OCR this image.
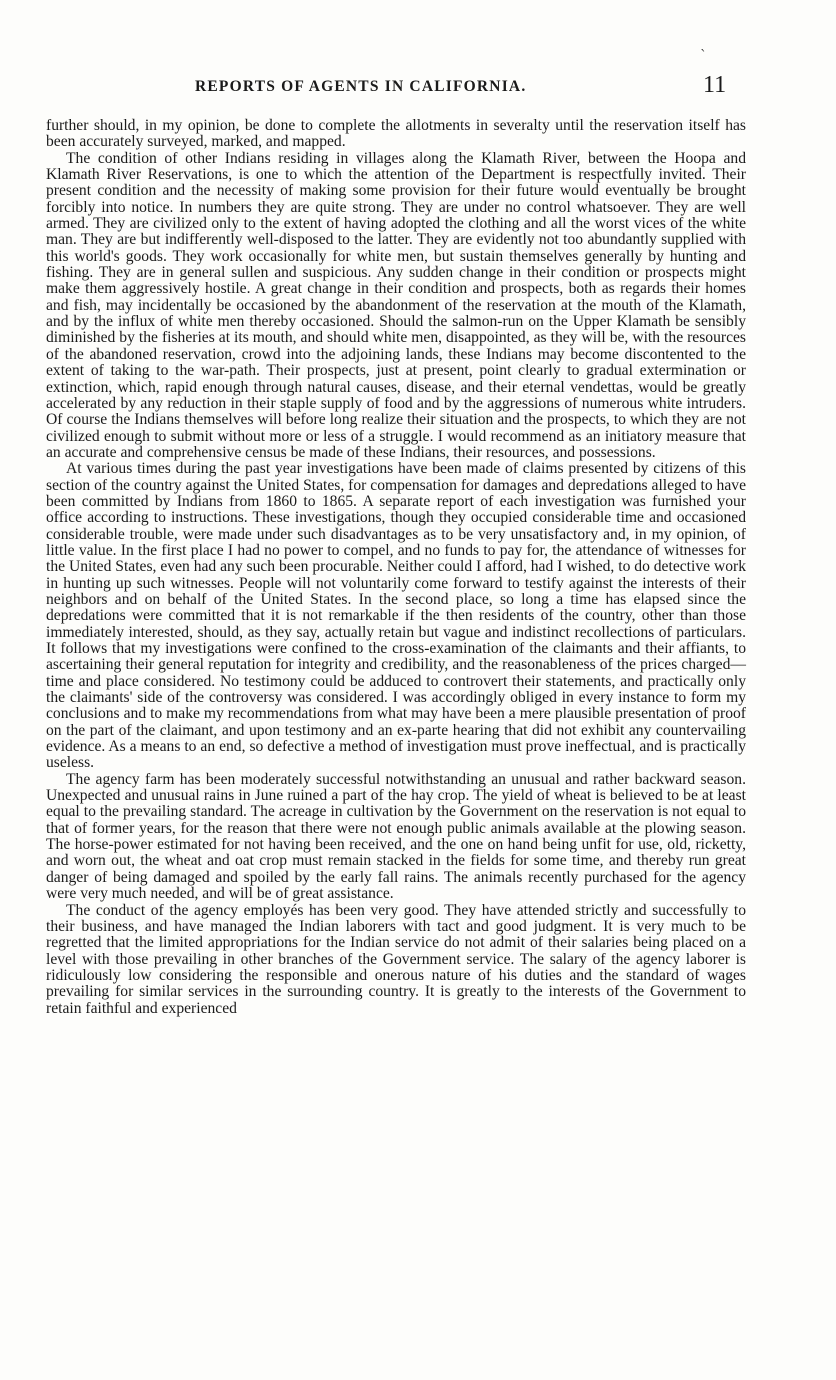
`
REPORTS OF AGENTS IN CALIFORNIA.	11

further should, in my opinion, be done to complete the allotments in severalty until the reservation itself has been accurately surveyed, marked, and mapped.

The condition of other Indians residing in villages along the Klamath River, between the Hoopa and Klamath River Reservations, is one to which the attention of the Department is respectfully invited. Their present condition and the necessity of making some provision for their future would eventually be brought forcibly into notice. In numbers they are quite strong. They are under no control whatsoever. They are well armed. They are civilized only to the extent of having adopted the clothing and all the worst vices of the white man. They are but indifferently well-disposed to the latter. They are evidently not too abundantly supplied with this world's goods. They work occasionally for white men, but sustain themselves generally by hunting and fishing. They are in general sullen and suspicious. Any sudden change in their condition or prospects might make them aggressively hostile. A great change in their condition and prospects, both as regards their homes and fish, may incidentally be occasioned by the abandonment of the reservation at the mouth of the Klamath, and by the influx of white men thereby occasioned. Should the salmon-run on the Upper Klamath be sensibly diminished by the fisheries at its mouth, and should white men, disappointed, as they will be, with the resources of the abandoned reservation, crowd into the adjoining lands, these Indians may become discontented to the extent of taking to the war-path. Their prospects, just at present, point clearly to gradual extermination or extinction, which, rapid enough through natural causes, disease, and their eternal vendettas, would be greatly accelerated by any reduction in their staple supply of food and by the aggressions of numerous white intruders. Of course the Indians themselves will before long realize their situation and the prospects, to which they are not civilized enough to submit without more or less of a struggle. I would recommend as an initiatory measure that an accurate and comprehensive census be made of these Indians, their resources, and possessions.

At various times during the past year investigations have been made of claims presented by citizens of this section of the country against the United States, for compensation for damages and depredations alleged to have been committed by Indians from 1860 to 1865. A separate report of each investigation was furnished your office according to instructions. These investigations, though they occupied considerable time and occasioned considerable trouble, were made under such disadvantages as to be very unsatisfactory and, in my opinion, of little value. In the first place I had no power to compel, and no funds to pay for, the attendance of witnesses for the United States, even had any such been procurable. Neither could I afford, had I wished, to do detective work in hunting up such witnesses. People will not voluntarily come forward to testify against the interests of their neighbors and on behalf of the United States. In the second place, so long a time has elapsed since the depredations were committed that it is not remarkable if the then residents of the country, other than those immediately interested, should, as they say, actually retain but vague and indistinct recollections of particulars. It follows that my investigations were confined to the cross-examination of the claimants and their affiants, to ascertaining their general reputation for integrity and credibility, and the reasonableness of the prices charged—time and place considered. No testimony could be adduced to controvert their statements, and practically only the claimants' side of the controversy was considered. I was accordingly obliged in every instance to form my conclusions and to make my recommendations from what may have been a mere plausible presentation of proof on the part of the claimant, and upon testimony and an ex-parte hearing that did not exhibit any countervailing evidence. As a means to an end, so defective a method of investigation must prove ineffectual, and is practically useless.

The agency farm has been moderately successful notwithstanding an unusual and rather backward season. Unexpected and unusual rains in June ruined a part of the hay crop. The yield of wheat is believed to be at least equal to the prevailing standard. The acreage in cultivation by the Government on the reservation is not equal to that of former years, for the reason that there were not enough public animals available at the plowing season. The horse-power estimated for not having been received, and the one on hand being unfit for use, old, ricketty, and worn out, the wheat and oat crop must remain stacked in the fields for some time, and thereby run great danger of being damaged and spoiled by the early fall rains. The animals recently purchased for the agency were very much needed, and will be of great assistance.

The conduct of the agency employés has been very good. They have attended strictly and successfully to their business, and have managed the Indian laborers with tact and good judgment. It is very much to be regretted that the limited appropriations for the Indian service do not admit of their salaries being placed on a level with those prevailing in other branches of the Government service. The salary of the agency laborer is ridiculously low considering the responsible and onerous nature of his duties and the standard of wages prevailing for similar services in the surrounding country. It is greatly to the interests of the Government to retain faithful and experienced
